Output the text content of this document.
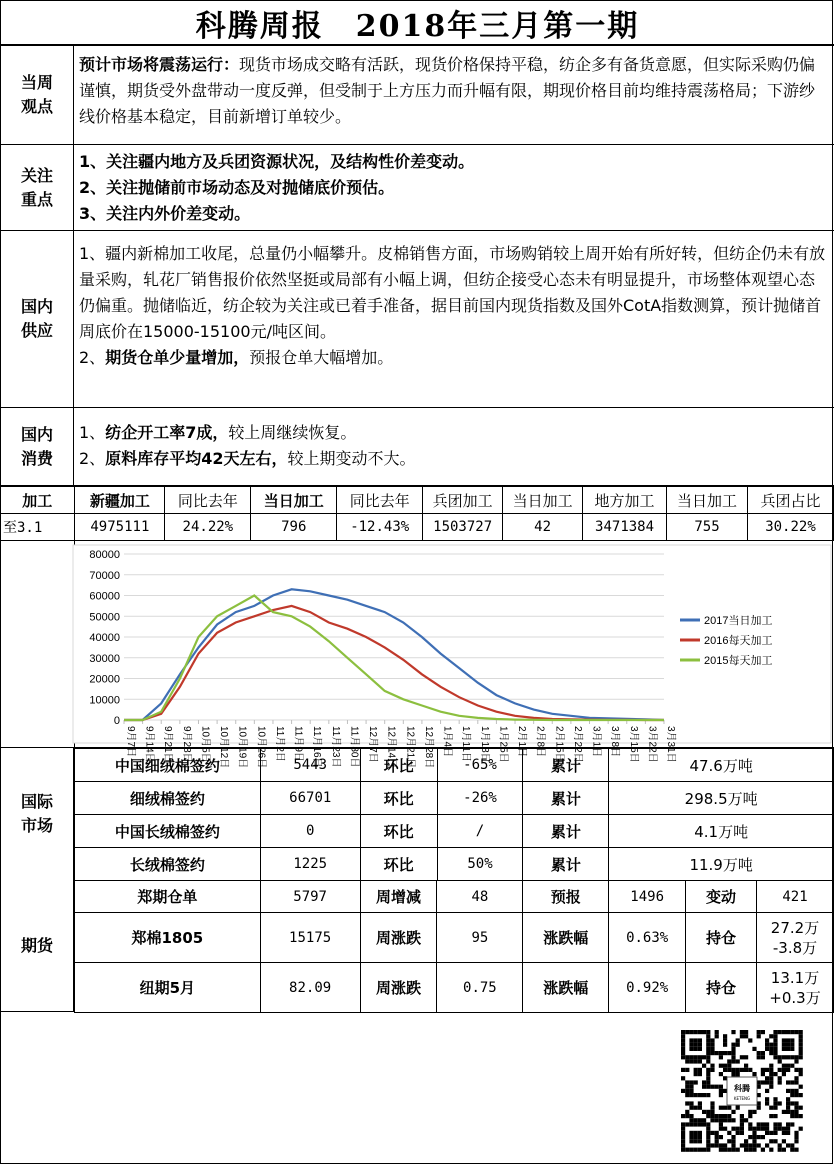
科腾周报　2018年三月第一期
当周
观点
预计市场将震荡运行：现货市场成交略有活跃，现货价格保持平稳，纺企多有备货意愿，但实际采购仍偏谨慎，期货受外盘带动一度反弹，但受制于上方压力而升幅有限，期现价格目前均维持震荡格局；下游纱线价格基本稳定，目前新增订单较少。
关注
重点
1、关注疆内地方及兵团资源状况，及结构性价差变动。
2、关注抛储前市场动态及对抛储底价预估。
3、关注内外价差变动。
国内
供应
1、疆内新棉加工收尾，总量仍小幅攀升。皮棉销售方面，市场购销较上周开始有所好转，但纺企仍未有放量采购，轧花厂销售报价依然坚挺或局部有小幅上调，但纺企接受心态未有明显提升，市场整体观望心态仍偏重。抛储临近，纺企较为关注或已着手准备，据目前国内现货指数及国外CotA指数测算，预计抛储首周底价在15000-15100元/吨区间。
2、期货仓单少量增加，预报仓单大幅增加。
国内
消费
1、纺企开工率7成，较上周继续恢复。
2、原料库存平均42天左右，较上期变动不大。
加工	新疆加工	同比去年	当日加工	同比去年	兵团加工	当日加工	地方加工	当日加工	兵团占比
至3.1	4975111	24.22%	796	-12.43%	1503727	42	3471384	755	30.22%
0
10000
20000
30000
40000
50000
60000
70000
80000
9月7日 9月14日 9月21日 9月28日 10月5日 10月12日 10月19日 10月26日 11月2日 11月9日 11月16日 11月23日 11月30日 12月7日 12月14日 12月21日 12月28日 1月4日 1月11日 1月18日 1月25日 2月1日 2月8日 2月15日 2月22日 3月1日 3月8日 3月15日 3月22日 3月31日
2017当日加工
2016每天加工
2015每天加工
国际
市场
中国细绒棉签约	5443	环比	-65%	累计	47.6万吨
细绒棉签约	66701	环比	-26%	累计	298.5万吨
中国长绒棉签约	0	环比	/	累计	4.1万吨
长绒棉签约	1225	环比	50%	累计	11.9万吨
期货
郑期仓单	5797	周增减	48	预报	1496	变动	421
郑棉1805	15175	周涨跌	95	涨跌幅	0.63%	持仓	27.2万
-3.8万

纽期5月	82.09	周涨跌	0.75	涨跌幅	0.92%	持仓	13.1万
+0.3万
科腾
KETENG
